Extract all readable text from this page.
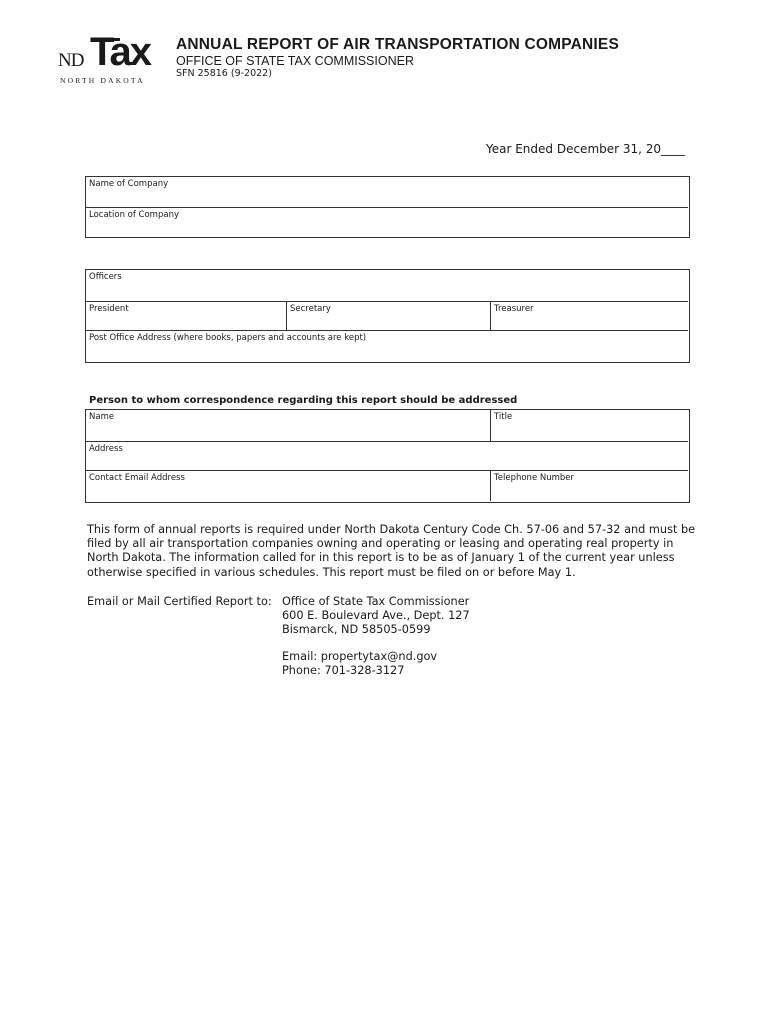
ND Tax
NORTH DAKOTA
ANNUAL REPORT OF AIR TRANSPORTATION COMPANIES
OFFICE OF STATE TAX COMMISSIONER
SFN 25816 (9-2022)
Year Ended December 31, 20____
Name of Company
Location of Company
Officers
President	Secretary	Treasurer
Post Office Address (where books, papers and accounts are kept)
Person to whom correspondence regarding this report should be addressed
Name	Title
Address
Contact Email Address	Telephone Number
This form of annual reports is required under North Dakota Century Code Ch. 57-06 and 57-32 and must be filed by all air transportation companies owning and operating or leasing and operating real property in North Dakota. The information called for in this report is to be as of January 1 of the current year unless otherwise specified in various schedules. This report must be filed on or before May 1.
Email or Mail Certified Report to: Office of State Tax Commissioner
600 E. Boulevard Ave., Dept. 127
Bismarck, ND 58505-0599
Email: propertytax@nd.gov
Phone: 701-328-3127
